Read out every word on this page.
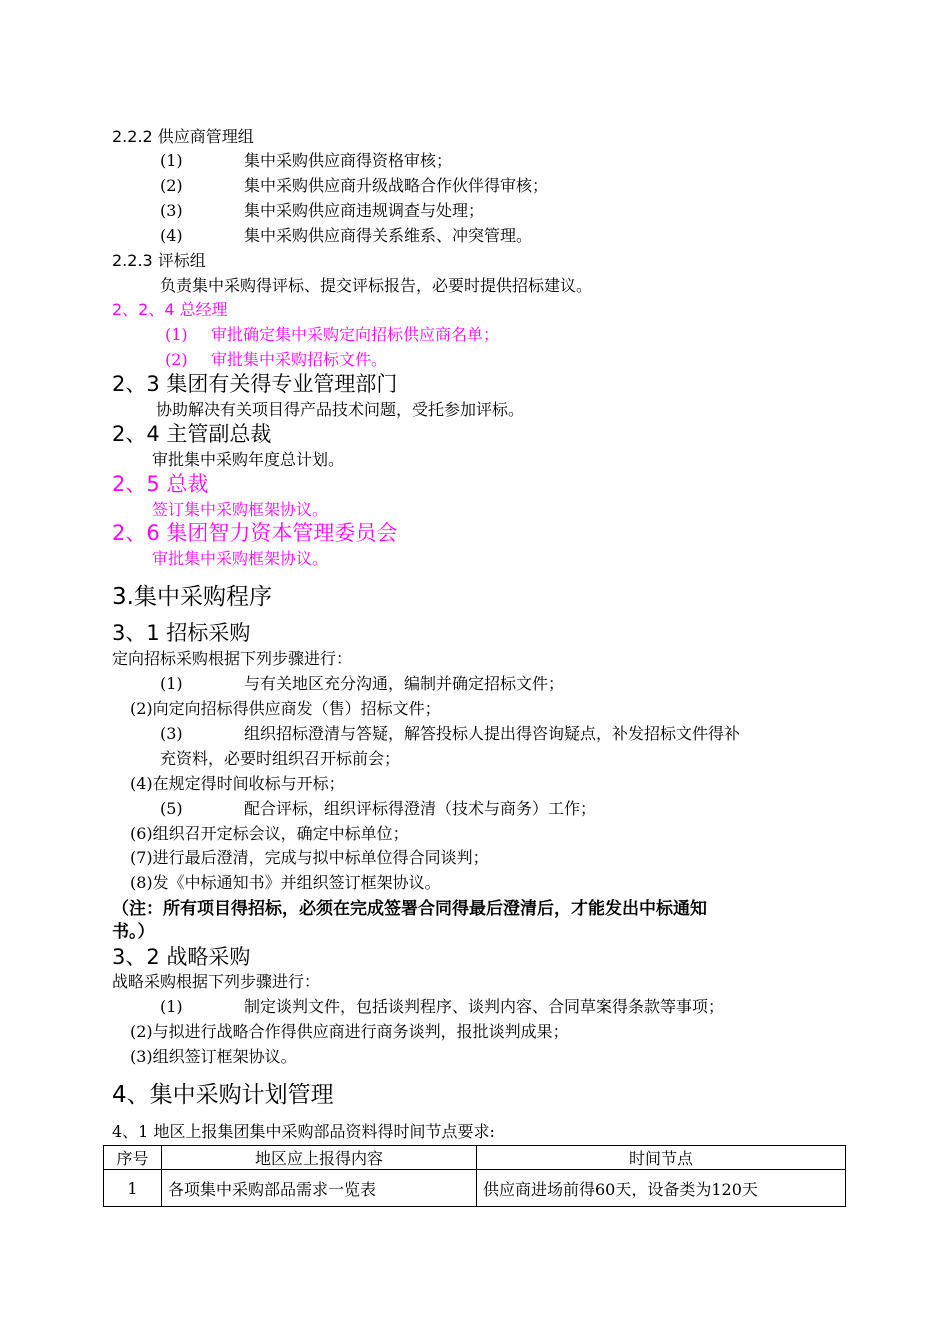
2.2.2 供应商管理组
(1)	集中采购供应商得资格审核；
(2)	集中采购供应商升级战略合作伙伴得审核；
(3)	集中采购供应商违规调查与处理；
(4)	集中采购供应商得关系维系、冲突管理。
2.2.3 评标组
负责集中采购得评标、提交评标报告，必要时提供招标建议。
2、2、4 总经理
(1) 审批确定集中采购定向招标供应商名单；
(2) 审批集中采购招标文件。
2、3 集团有关得专业管理部门
协助解决有关项目得产品技术问题，受托参加评标。
2、4 主管副总裁
审批集中采购年度总计划。
2、5 总裁
签订集中采购框架协议。
2、6 集团智力资本管理委员会
审批集中采购框架协议。
3.集中采购程序
3、1 招标采购
定向招标采购根据下列步骤进行：
(1)	与有关地区充分沟通，编制并确定招标文件；
(2)向定向招标得供应商发（售）招标文件；
(3)	组织招标澄清与答疑，解答投标人提出得咨询疑点，补发招标文件得补
充资料，必要时组织召开标前会；
(4)在规定得时间收标与开标；
(5)	配合评标，组织评标得澄清（技术与商务）工作；
(6)组织召开定标会议，确定中标单位；
(7)进行最后澄清，完成与拟中标单位得合同谈判；
(8)发《中标通知书》并组织签订框架协议。
（注：所有项目得招标，必须在完成签署合同得最后澄清后，才能发出中标通知
书。）
3、2 战略采购
战略采购根据下列步骤进行：
(1)	制定谈判文件，包括谈判程序、谈判内容、合同草案得条款等事项；
(2)与拟进行战略合作得供应商进行商务谈判，报批谈判成果；
(3)组织签订框架协议。
4、集中采购计划管理
4、1 地区上报集团集中采购部品资料得时间节点要求:
序号	地区应上报得内容	时间节点
1	各项集中采购部品需求一览表	供应商进场前得60天，设备类为120天
